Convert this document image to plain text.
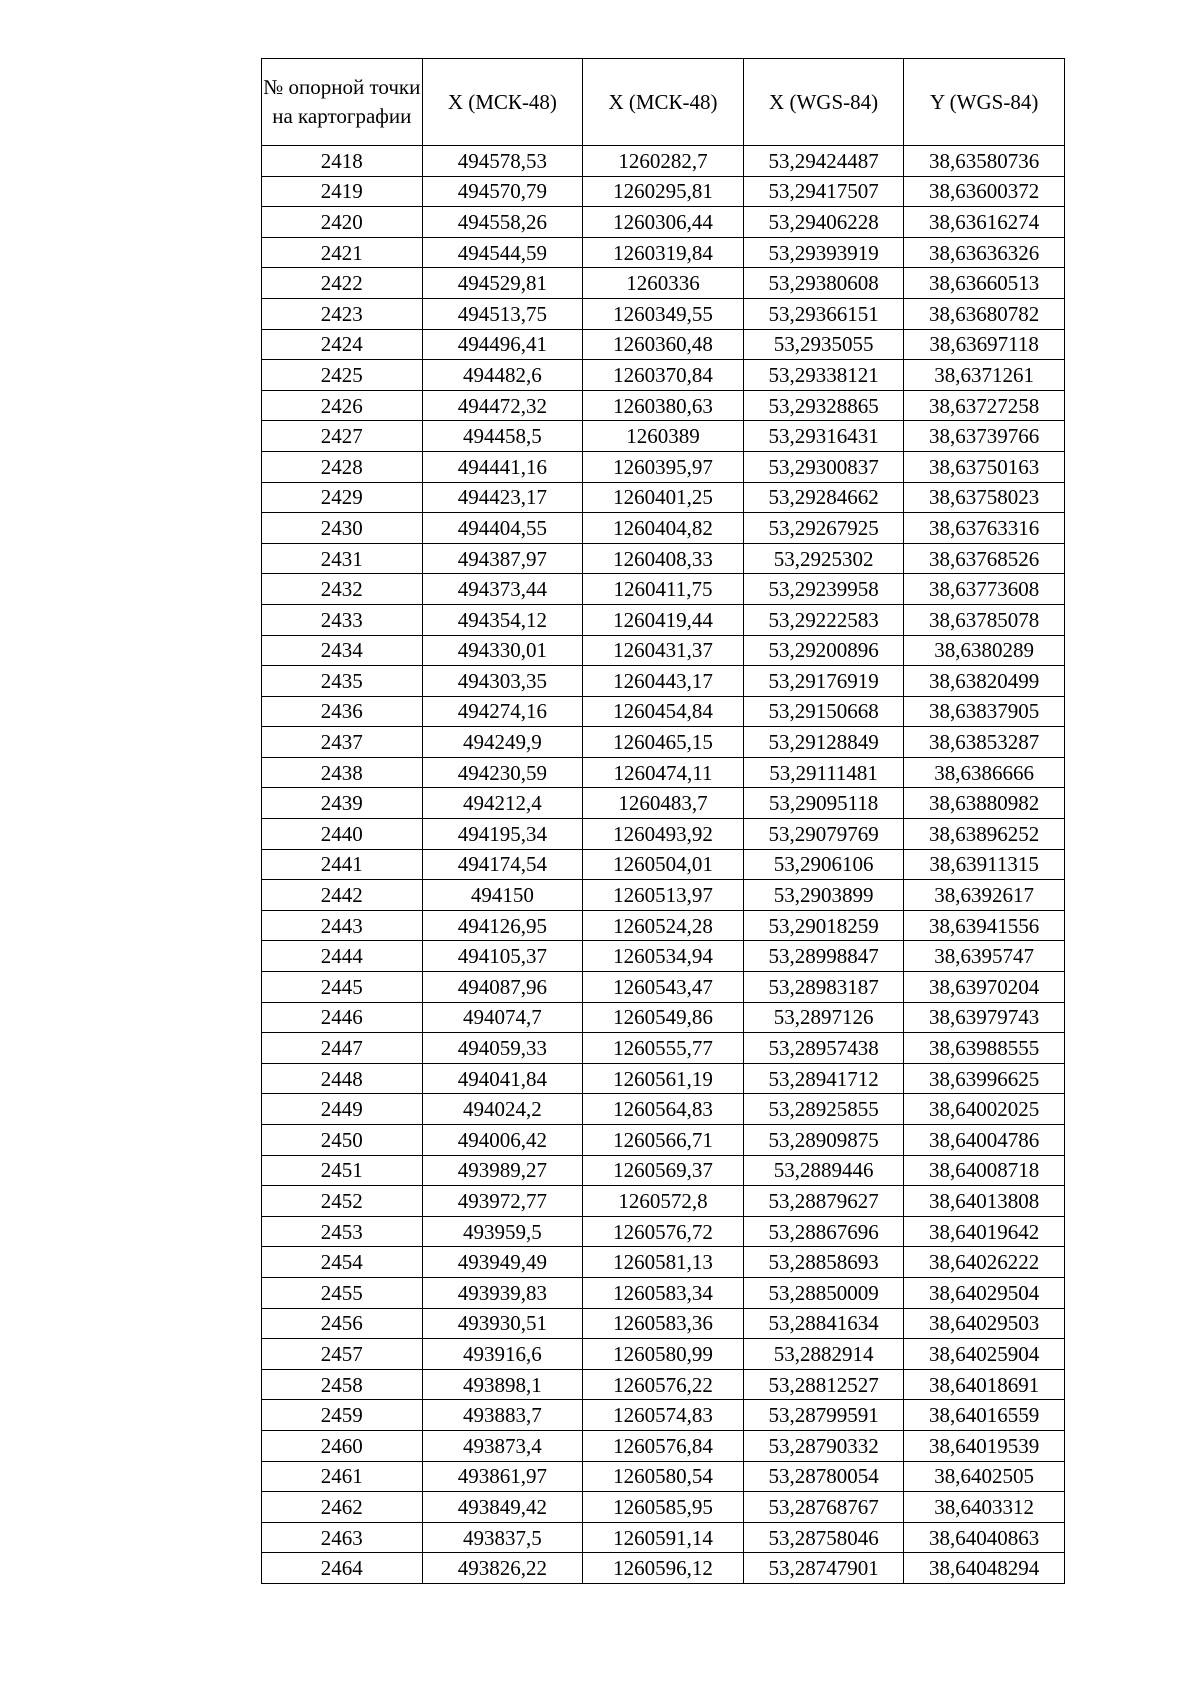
№ опорной точки на картографии	X (МСК-48)	X (МСК-48)	X (WGS-84)	Y (WGS-84)
2418	494578,53	1260282,7	53,29424487	38,63580736
2419	494570,79	1260295,81	53,29417507	38,63600372
2420	494558,26	1260306,44	53,29406228	38,63616274
2421	494544,59	1260319,84	53,29393919	38,63636326
2422	494529,81	1260336	53,29380608	38,63660513
2423	494513,75	1260349,55	53,29366151	38,63680782
2424	494496,41	1260360,48	53,2935055	38,63697118
2425	494482,6	1260370,84	53,29338121	38,6371261
2426	494472,32	1260380,63	53,29328865	38,63727258
2427	494458,5	1260389	53,29316431	38,63739766
2428	494441,16	1260395,97	53,29300837	38,63750163
2429	494423,17	1260401,25	53,29284662	38,63758023
2430	494404,55	1260404,82	53,29267925	38,63763316
2431	494387,97	1260408,33	53,2925302	38,63768526
2432	494373,44	1260411,75	53,29239958	38,63773608
2433	494354,12	1260419,44	53,29222583	38,63785078
2434	494330,01	1260431,37	53,29200896	38,6380289
2435	494303,35	1260443,17	53,29176919	38,63820499
2436	494274,16	1260454,84	53,29150668	38,63837905
2437	494249,9	1260465,15	53,29128849	38,63853287
2438	494230,59	1260474,11	53,29111481	38,6386666
2439	494212,4	1260483,7	53,29095118	38,63880982
2440	494195,34	1260493,92	53,29079769	38,63896252
2441	494174,54	1260504,01	53,2906106	38,63911315
2442	494150	1260513,97	53,2903899	38,6392617
2443	494126,95	1260524,28	53,29018259	38,63941556
2444	494105,37	1260534,94	53,28998847	38,6395747
2445	494087,96	1260543,47	53,28983187	38,63970204
2446	494074,7	1260549,86	53,2897126	38,63979743
2447	494059,33	1260555,77	53,28957438	38,63988555
2448	494041,84	1260561,19	53,28941712	38,63996625
2449	494024,2	1260564,83	53,28925855	38,64002025
2450	494006,42	1260566,71	53,28909875	38,64004786
2451	493989,27	1260569,37	53,2889446	38,64008718
2452	493972,77	1260572,8	53,28879627	38,64013808
2453	493959,5	1260576,72	53,28867696	38,64019642
2454	493949,49	1260581,13	53,28858693	38,64026222
2455	493939,83	1260583,34	53,28850009	38,64029504
2456	493930,51	1260583,36	53,28841634	38,64029503
2457	493916,6	1260580,99	53,2882914	38,64025904
2458	493898,1	1260576,22	53,28812527	38,64018691
2459	493883,7	1260574,83	53,28799591	38,64016559
2460	493873,4	1260576,84	53,28790332	38,64019539
2461	493861,97	1260580,54	53,28780054	38,6402505
2462	493849,42	1260585,95	53,28768767	38,6403312
2463	493837,5	1260591,14	53,28758046	38,64040863
2464	493826,22	1260596,12	53,28747901	38,64048294
